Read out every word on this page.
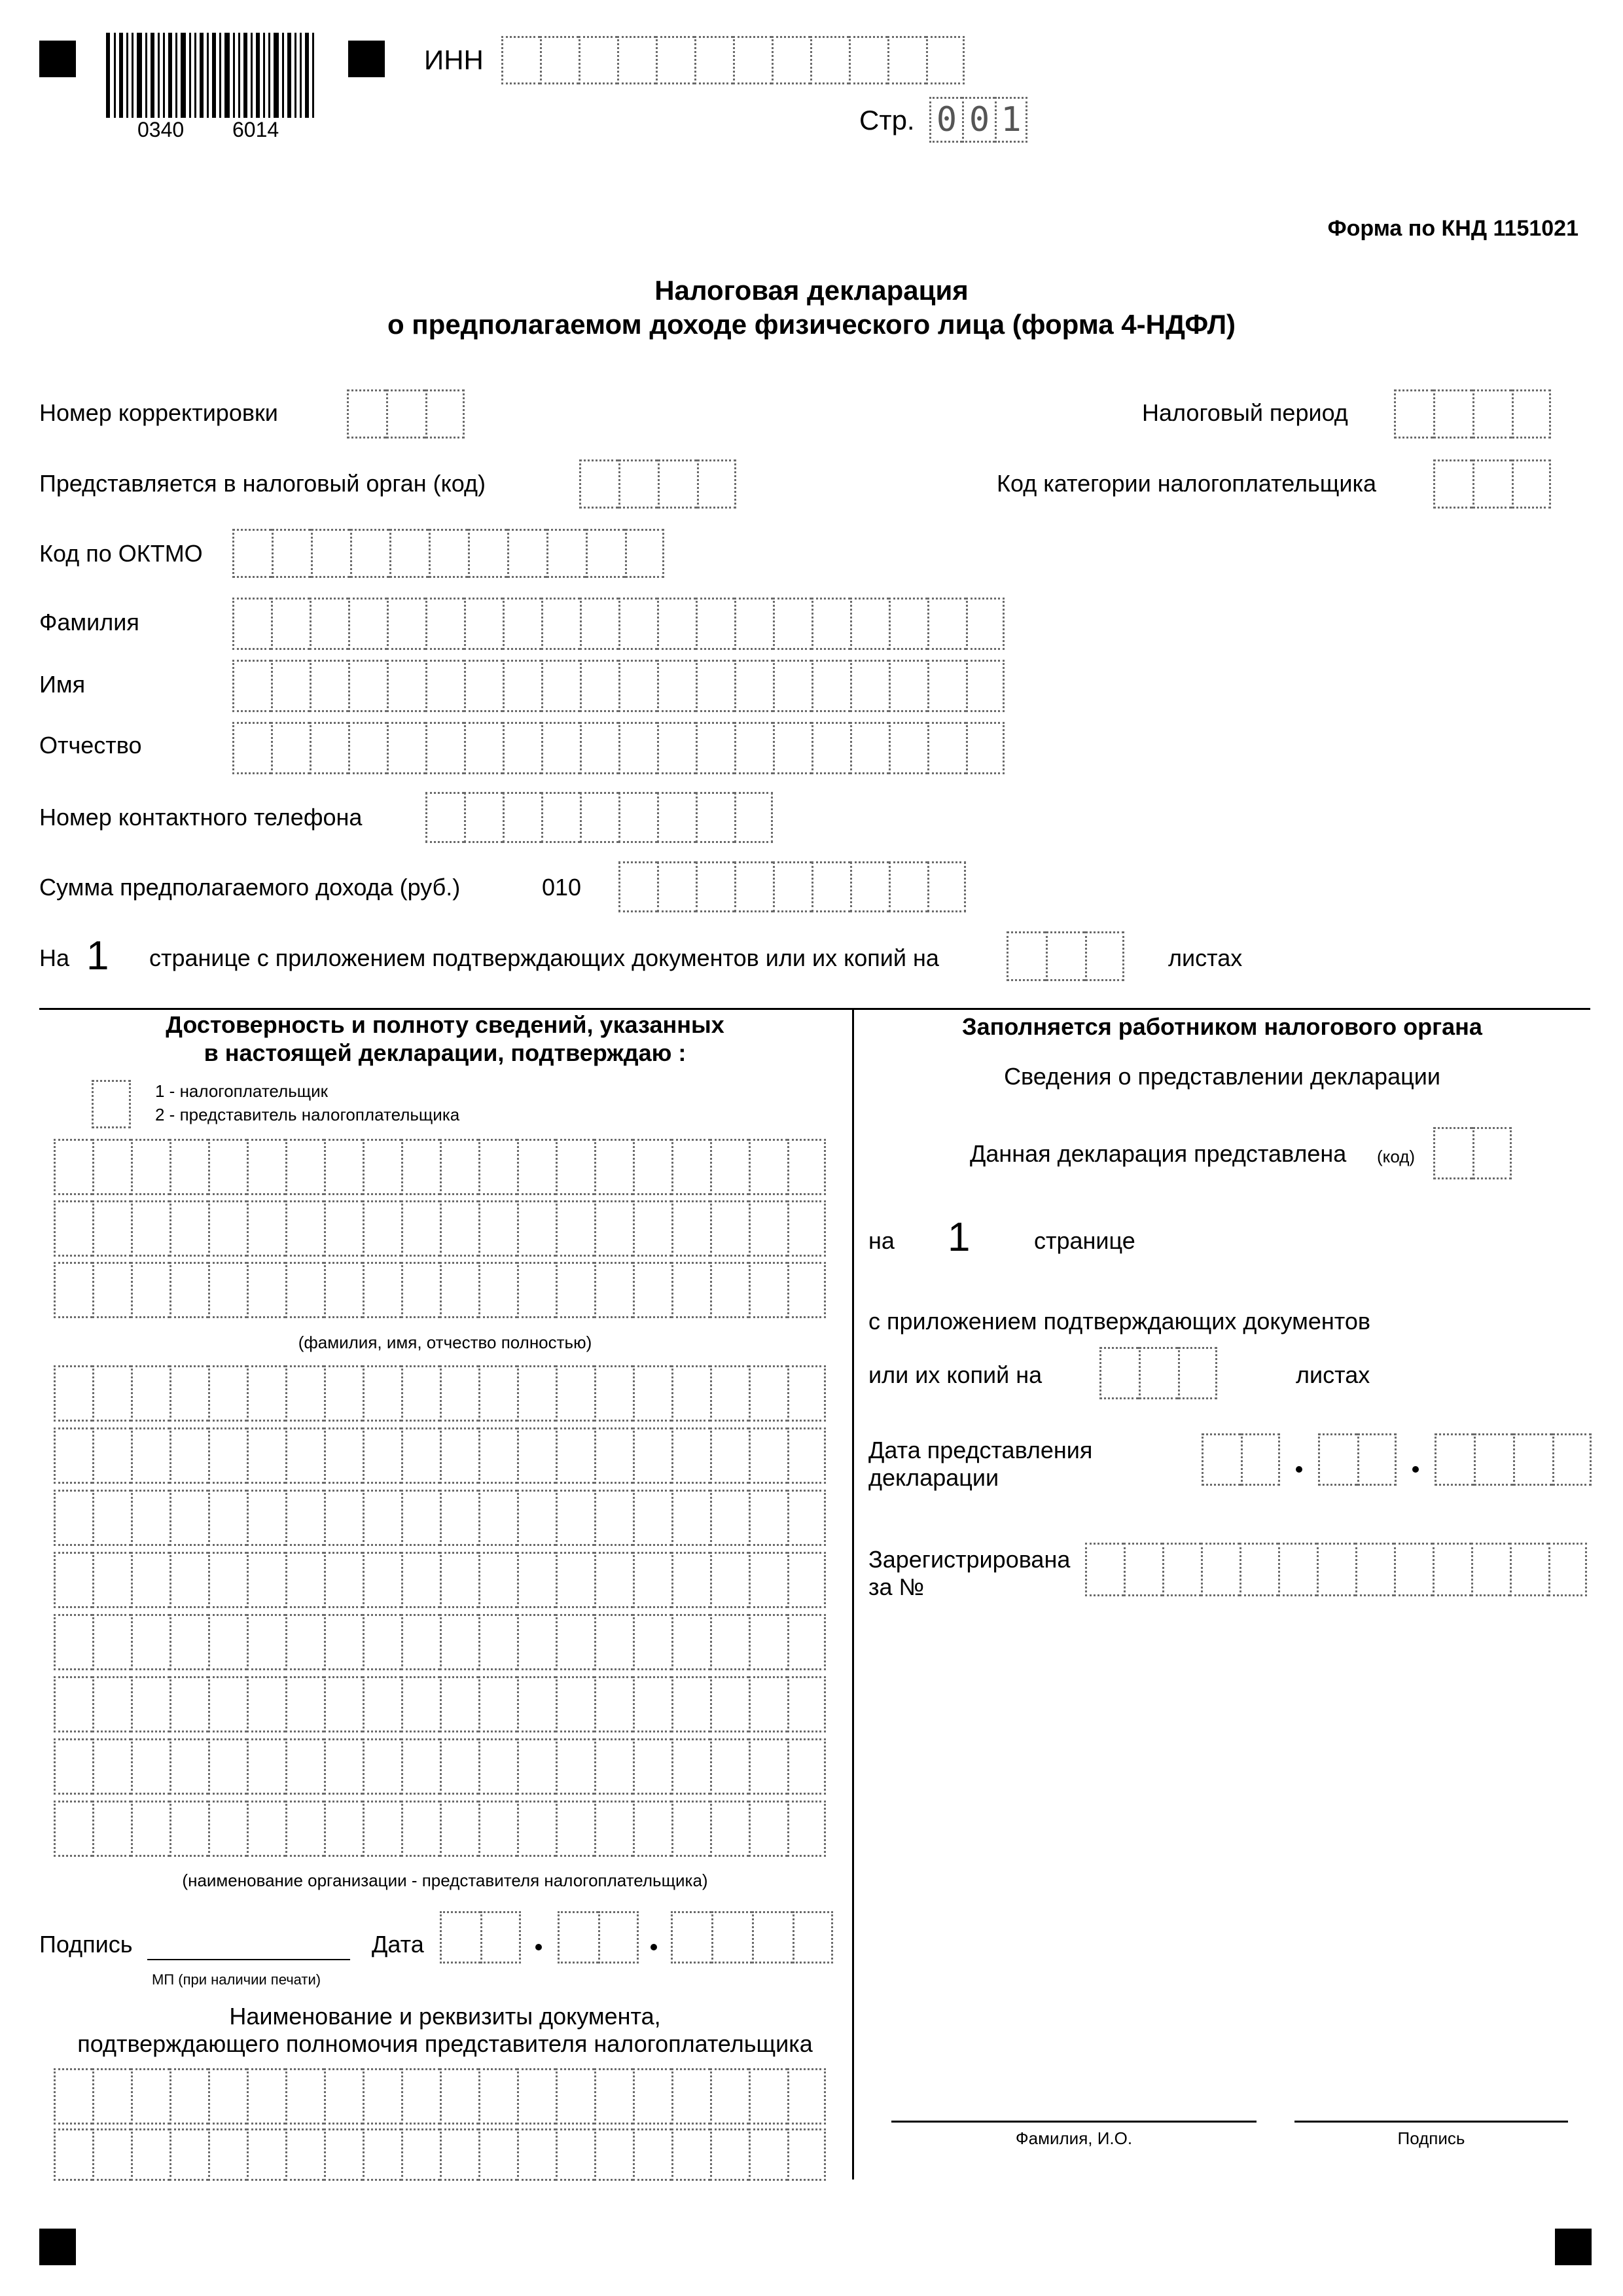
0340 6014
ИНН
Стр. 0 0 1
Форма по КНД 1151021
Налоговая декларация
о предполагаемом доходе физического лица (форма 4-НДФЛ)
Номер корректировки	Налоговый период
Представляется в налоговый орган (код)	Код категории налогоплательщика
Код по ОКТМО
Фамилия
Имя
Отчество
Номер контактного телефона
Сумма предполагаемого дохода (руб.)	010
На 1 странице с приложением подтверждающих документов или их копий на	листах
Достоверность и полноту сведений, указанных
в настоящей декларации, подтверждаю :
1 - налогоплательщик
2 - представитель налогоплательщика
(фамилия, имя, отчество полностью)
(наименование организации - представителя налогоплательщика)
Подпись	Дата
МП (при наличии печати)
Наименование и реквизиты документа,
подтверждающего полномочия представителя налогоплательщика
Заполняется работником налогового органа
Сведения о представлении декларации
Данная декларация представлена (код)
на 1	странице
с приложением подтверждающих документов
или их копий на	листах
Дата представления
декларации
Зарегистрирована
за №
Фамилия, И.О.	Подпись
